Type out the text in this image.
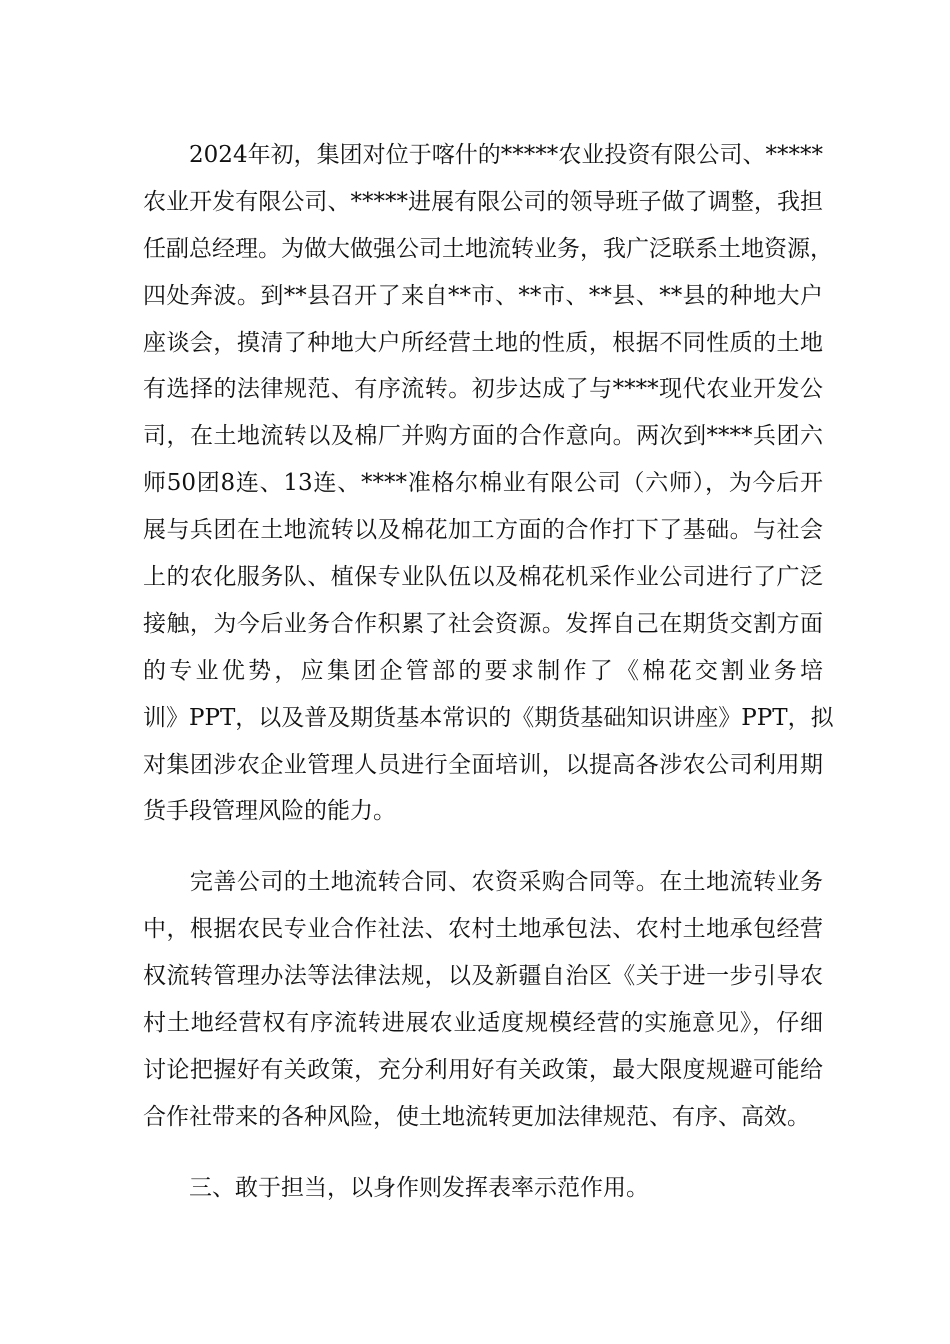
　　2024年初，集团对位于喀什的*****农业投资有限公司、*****
农业开发有限公司、*****进展有限公司的领导班子做了调整，我担
任副总经理。为做大做强公司土地流转业务，我广泛联系土地资源，
四处奔波。到**县召开了来自**市、**市、**县、**县的种地大户
座谈会，摸清了种地大户所经营土地的性质，根据不同性质的土地
有选择的法律规范、有序流转。初步达成了与****现代农业开发公
司，在土地流转以及棉厂并购方面的合作意向。两次到****兵团六
师50团8连、13连、****准格尔棉业有限公司（六师），为今后开
展与兵团在土地流转以及棉花加工方面的合作打下了基础。与社会
上的农化服务队、植保专业队伍以及棉花机采作业公司进行了广泛
接触，为今后业务合作积累了社会资源。发挥自己在期货交割方面
的专业优势，应集团企管部的要求制作了《棉花交割业务培
训》PPT，以及普及期货基本常识的《期货基础知识讲座》PPT，拟
对集团涉农企业管理人员进行全面培训，以提高各涉农公司利用期
货手段管理风险的能力。
　　完善公司的土地流转合同、农资采购合同等。在土地流转业务
中，根据农民专业合作社法、农村土地承包法、农村土地承包经营
权流转管理办法等法律法规，以及新疆自治区《关于进一步引导农
村土地经营权有序流转进展农业适度规模经营的实施意见》，仔细
讨论把握好有关政策，充分利用好有关政策，最大限度规避可能给
合作社带来的各种风险，使土地流转更加法律规范、有序、高效。
　　三、敢于担当，以身作则发挥表率示范作用。
